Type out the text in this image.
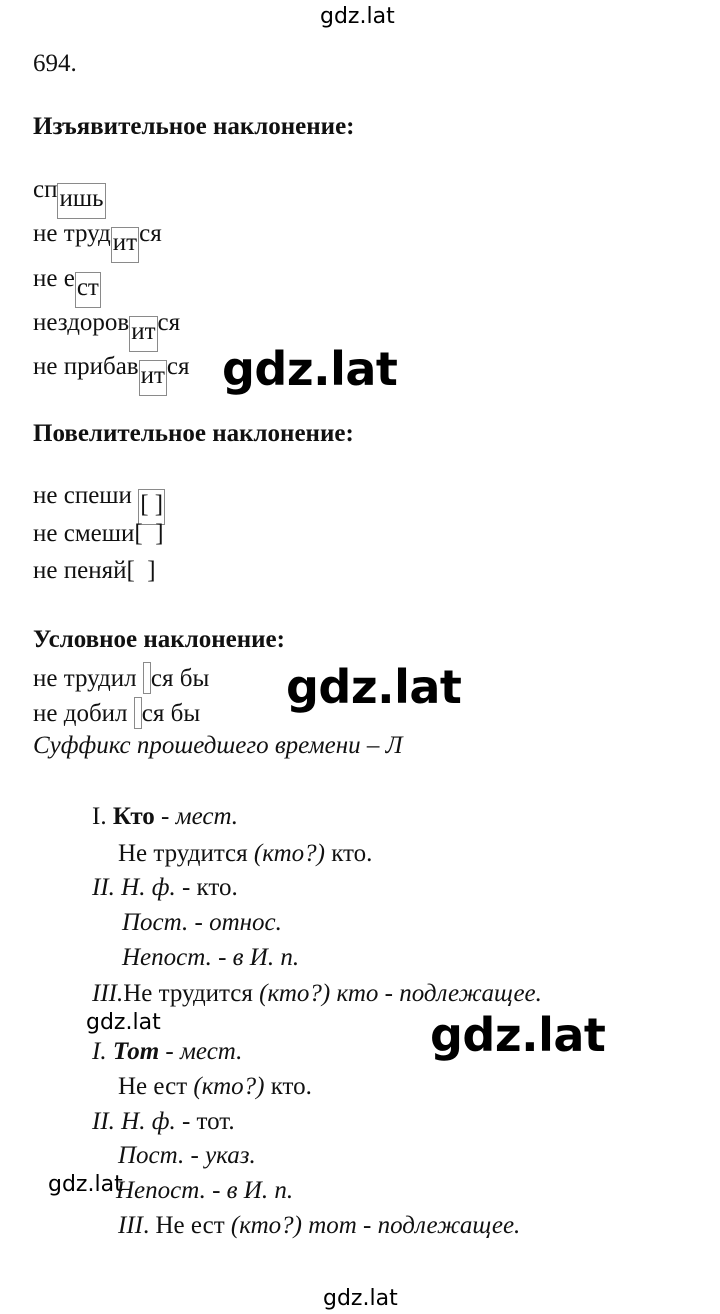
gdz.lat
gdz.lat
gdz.lat
gdz.lat	gdz.lat
gdz.lat
gdz.lat
694.
Изъявительное наклонение:
спишь
не трудится
не ест
нездоровится
не прибавится
Повелительное наклонение:
не спеши [ ]
не смеши[  ]
не пеняй[  ]
Условное наклонение:
не трудил ся бы
не добил ся бы
Суффикс прошедшего времени – Л
I. Кто - мест.
Не трудится (кто?) кто.
II. Н. ф. - кто.
Пост. - относ.
Непост. - в И. п.
III.Не трудится (кто?) кто - подлежащее.
I. Тот - мест.
Не ест (кто?) кто.
II. Н. ф. - тот.
Пост. - указ.
Непост. - в И. п.
III. Не ест (кто?) тот - подлежащее.
